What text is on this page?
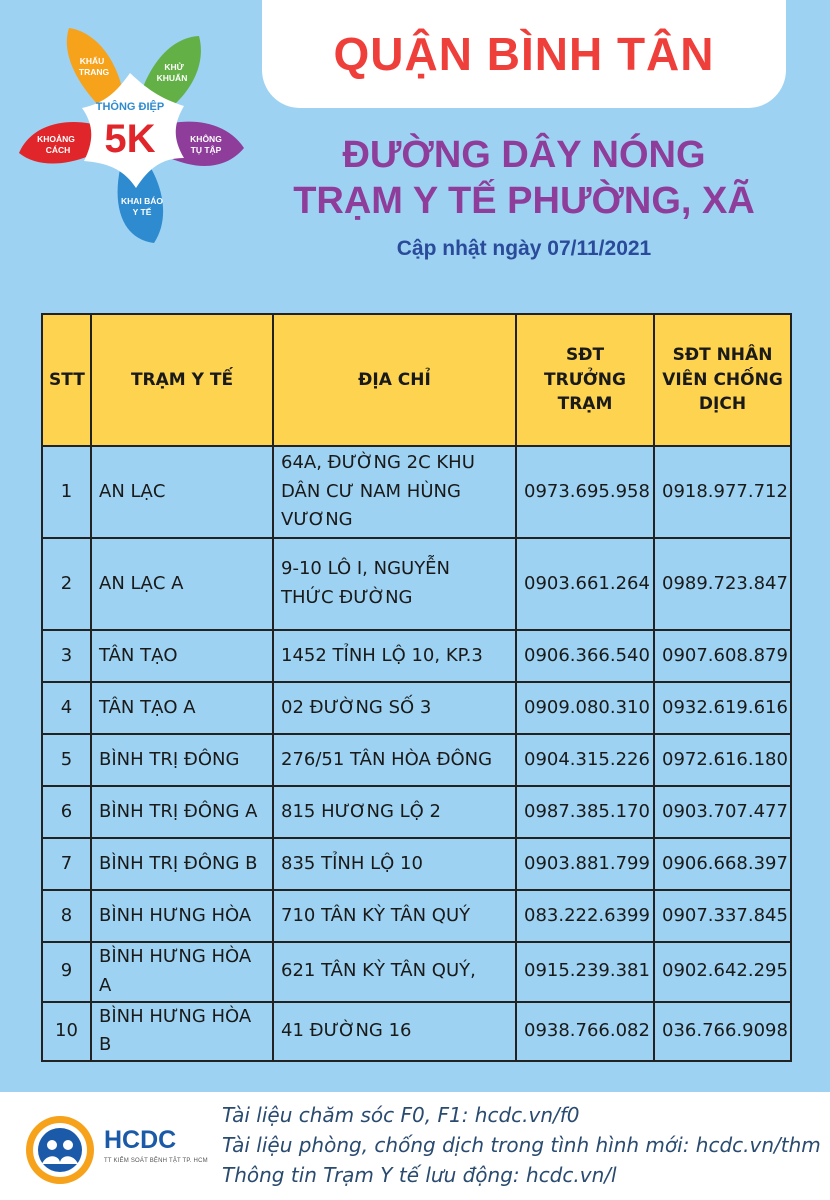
THÔNG ĐIỆP
5K
KHẨU
TRANG	KHỬ
KHUẨN
KHÔNG
TỤ TẬP
KHAI BÁO
Y TẾ
KHOẢNG
CÁCH
QUẬN BÌNH TÂN
ĐƯỜNG DÂY NÓNG
TRẠM Y TẾ PHƯỜNG, XÃ
Cập nhật ngày 07/11/2021
STT	TRẠM Y TẾ	ĐỊA CHỈ	SĐT TRƯỞNG TRẠM	SĐT NHÂN VIÊN CHỐNG DỊCH
1	AN LẠC	64A, ĐƯỜNG 2C KHU DÂN CƯ NAM HÙNG VƯƠNG	0973.695.958	0918.977.712
2	AN LẠC A	9-10 LÔ I, NGUYỄN THỨC ĐƯỜNG	0903.661.264	0989.723.847
3	TÂN TẠO	1452 TỈNH LỘ 10, KP.3	0906.366.540	0907.608.879
4	TÂN TẠO A	02 ĐƯỜNG SỐ 3	0909.080.310	0932.619.616
5	BÌNH TRỊ ĐÔNG	276/51 TÂN HÒA ĐÔNG	0904.315.226	0972.616.180
6	BÌNH TRỊ ĐÔNG A	815 HƯƠNG LỘ 2	0987.385.170	0903.707.477
7	BÌNH TRỊ ĐÔNG B	835 TỈNH LỘ 10	0903.881.799	0906.668.397
8	BÌNH HƯNG HÒA	710 TÂN KỲ TÂN QUÝ	083.222.6399	0907.337.845
9	BÌNH HƯNG HÒA A	621 TÂN KỲ TÂN QUÝ,	0915.239.381	0902.642.295
10	BÌNH HƯNG HÒA B	41 ĐƯỜNG 16	0938.766.082	036.766.9098
HCDC
TT KIỂM SOÁT BỆNH TẬT TP. HCM
Tài liệu chăm sóc F0, F1: hcdc.vn/f0
Tài liệu phòng, chống dịch trong tình hình mới: hcdc.vn/thm
Thông tin Trạm Y tế lưu động: hcdc.vn/l
